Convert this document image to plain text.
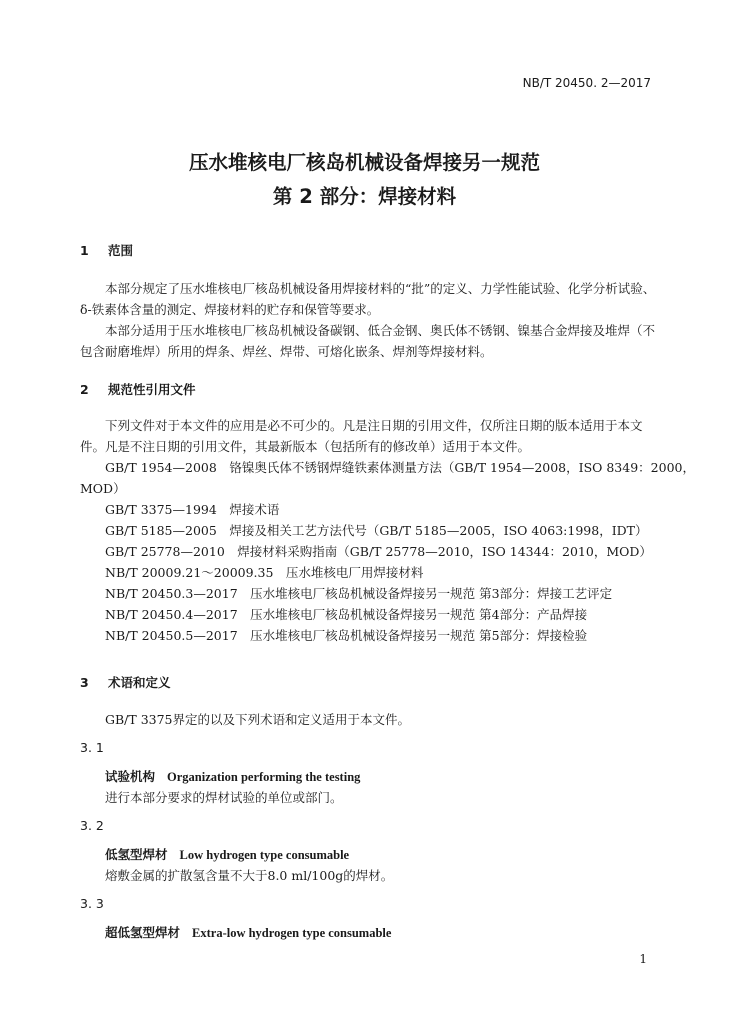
NB/T 20450. 2—2017
压水堆核电厂核岛机械设备焊接另一规范
第 2 部分：焊接材料
1 范围
本部分规定了压水堆核电厂核岛机械设备用焊接材料的“批”的定义、力学性能试验、化学分析试验、
δ-铁素体含量的测定、焊接材料的贮存和保管等要求。
本部分适用于压水堆核电厂核岛机械设备碳钢、低合金钢、奥氏体不锈钢、镍基合金焊接及堆焊（不
包含耐磨堆焊）所用的焊条、焊丝、焊带、可熔化嵌条、焊剂等焊接材料。
2 规范性引用文件
下列文件对于本文件的应用是必不可少的。凡是注日期的引用文件，仅所注日期的版本适用于本文
件。凡是不注日期的引用文件，其最新版本（包括所有的修改单）适用于本文件。
GB/T 1954—2008　铬镍奥氏体不锈钢焊缝铁素体测量方法（GB/T 1954—2008，ISO 8349：2000，
MOD）
GB/T 3375—1994　焊接术语
GB/T 5185—2005　焊接及相关工艺方法代号（GB/T 5185—2005，ISO 4063:1998，IDT）
GB/T 25778—2010　焊接材料采购指南（GB/T 25778—2010，ISO 14344：2010，MOD）
NB/T 20009.21～20009.35　压水堆核电厂用焊接材料
NB/T 20450.3—2017　压水堆核电厂核岛机械设备焊接另一规范 第3部分：焊接工艺评定
NB/T 20450.4—2017　压水堆核电厂核岛机械设备焊接另一规范 第4部分：产品焊接
NB/T 20450.5—2017　压水堆核电厂核岛机械设备焊接另一规范 第5部分：焊接检验
3 术语和定义
GB/T 3375界定的以及下列术语和定义适用于本文件。
3. 1
试验机构 Organization performing the testing
进行本部分要求的焊材试验的单位或部门。
3. 2
低氢型焊材 Low hydrogen type consumable
熔敷金属的扩散氢含量不大于8.0 ml/100g的焊材。
3. 3
超低氢型焊材 Extra-low hydrogen type consumable
1
